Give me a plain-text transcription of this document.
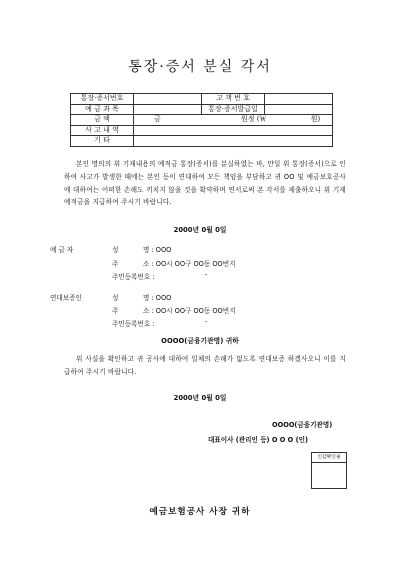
통장·증서 분실 각서
통장·증서번호		고 객 번 호	
예 금 과 목		통장·증서발급일	
금 액	금 원정 (￦ 원)		
사 고 내 역			
기 타			
본인 명의의 위 기재내용의 예적금 통장(증서)를 분실하였는 바, 만일 위 통장(증서)으로 인하여 사고가 발생한 때에는 본인 등이 연대하여 모든 책임을 부담하고 귀 OO 및 예금보호공사에 대하여는 어떠한 손해도 끼치지 않을 것을 확약하며 연서로써 본 각서를 제출하오니 위 기재 예적금을 지급하여 주시기 바랍니다.
2000년 0월 0일
예 금 자	성	명 : OOO
주	소 : OO시 OO구 OO동 OO번지
주민등록번호 :	-
연대보증인	성	명 : OOO
주	소 : OO시 OO구 OO동 OO번지
주민등록번호 :	-
OOOO(금융기관명) 귀하
위 사실을 확인하고 귀 공사에 대하여 일체의 손해가 없도록 연대보증 하겠사오니 이를 지급하여 주시기 바랍니다.
2000년 0월 0일
OOOO(금융기관명)
대표이사 (관리인 등) O O O (인)
인감확인필
예금보험공사 사장 귀하
